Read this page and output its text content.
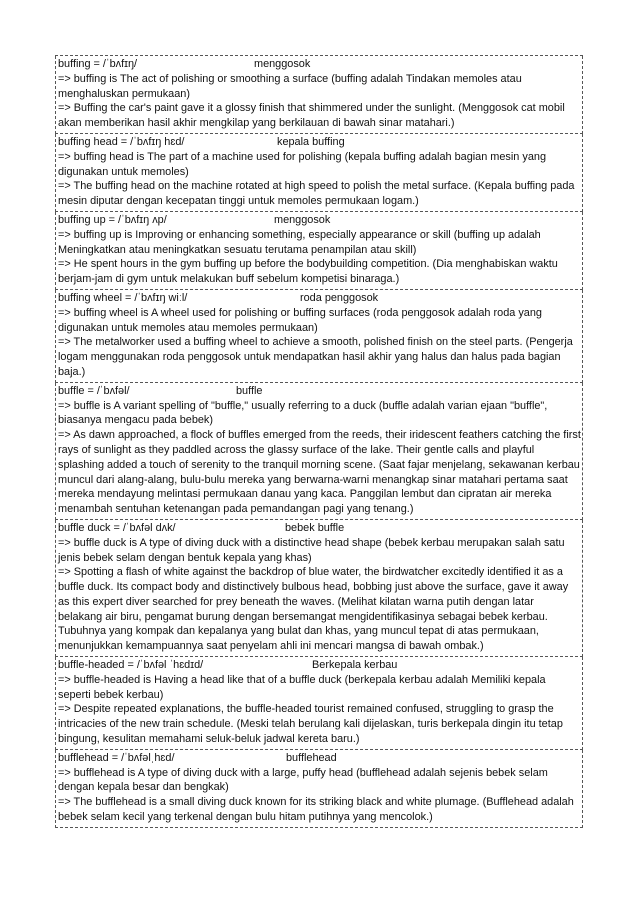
buffing = /ˈbʌfɪŋ/	menggosok
=> buffing is The act of polishing or smoothing a surface (buffing adalah Tindakan memoles atau menghaluskan permukaan)
=> Buffing the car's paint gave it a glossy finish that shimmered under the sunlight. (Menggosok cat mobil akan memberikan hasil akhir mengkilap yang berkilauan di bawah sinar matahari.)
buffing head = /ˈbʌfɪŋ hɛd/	kepala buffing
=> buffing head is The part of a machine used for polishing (kepala buffing adalah bagian mesin yang digunakan untuk memoles)
=> The buffing head on the machine rotated at high speed to polish the metal surface. (Kepala buffing pada mesin diputar dengan kecepatan tinggi untuk memoles permukaan logam.)
buffing up = /ˈbʌfɪŋ ʌp/	menggosok
=> buffing up is Improving or enhancing something, especially appearance or skill (buffing up adalah Meningkatkan atau meningkatkan sesuatu terutama penampilan atau skill)
=> He spent hours in the gym buffing up before the bodybuilding competition. (Dia menghabiskan waktu berjam-jam di gym untuk melakukan buff sebelum kompetisi binaraga.)
buffing wheel = /ˈbʌfɪŋ wiːl/	roda penggosok
=> buffing wheel is A wheel used for polishing or buffing surfaces (roda penggosok adalah roda yang digunakan untuk memoles atau memoles permukaan)
=> The metalworker used a buffing wheel to achieve a smooth, polished finish on the steel parts. (Pengerja logam menggunakan roda penggosok untuk mendapatkan hasil akhir yang halus dan halus pada bagian baja.)
buffle = /ˈbʌfəl/	buffle
=> buffle is A variant spelling of "buffle," usually referring to a duck (buffle adalah varian ejaan "buffle", biasanya mengacu pada bebek)
=> As dawn approached, a flock of buffles emerged from the reeds, their iridescent feathers catching the first rays of sunlight as they paddled across the glassy surface of the lake. Their gentle calls and playful splashing added a touch of serenity to the tranquil morning scene. (Saat fajar menjelang, sekawanan kerbau muncul dari alang-alang, bulu-bulu mereka yang berwarna-warni menangkap sinar matahari pertama saat mereka mendayung melintasi permukaan danau yang kaca. Panggilan lembut dan cipratan air mereka menambah sentuhan ketenangan pada pemandangan pagi yang tenang.)
buffle duck = /ˈbʌfəl dʌk/	bebek buffle
=> buffle duck is A type of diving duck with a distinctive head shape (bebek kerbau merupakan salah satu jenis bebek selam dengan bentuk kepala yang khas)
=> Spotting a flash of white against the backdrop of blue water, the birdwatcher excitedly identified it as a buffle duck. Its compact body and distinctively bulbous head, bobbing just above the surface, gave it away as this expert diver searched for prey beneath the waves. (Melihat kilatan warna putih dengan latar belakang air biru, pengamat burung dengan bersemangat mengidentifikasinya sebagai bebek kerbau. Tubuhnya yang kompak dan kepalanya yang bulat dan khas, yang muncul tepat di atas permukaan, menunjukkan kemampuannya saat penyelam ahli ini mencari mangsa di bawah ombak.)
buffle-headed = /ˈbʌfəl ˈhɛdɪd/	Berkepala kerbau
=> buffle-headed is Having a head like that of a buffle duck (berkepala kerbau adalah Memiliki kepala seperti bebek kerbau)
=> Despite repeated explanations, the buffle-headed tourist remained confused, struggling to grasp the intricacies of the new train schedule. (Meski telah berulang kali dijelaskan, turis berkepala dingin itu tetap bingung, kesulitan memahami seluk-beluk jadwal kereta baru.)
bufflehead = /ˈbʌfəlˌhɛd/	bufflehead
=> bufflehead is A type of diving duck with a large, puffy head (bufflehead adalah sejenis bebek selam dengan kepala besar dan bengkak)
=> The bufflehead is a small diving duck known for its striking black and white plumage. (Bufflehead adalah bebek selam kecil yang terkenal dengan bulu hitam putihnya yang mencolok.)
